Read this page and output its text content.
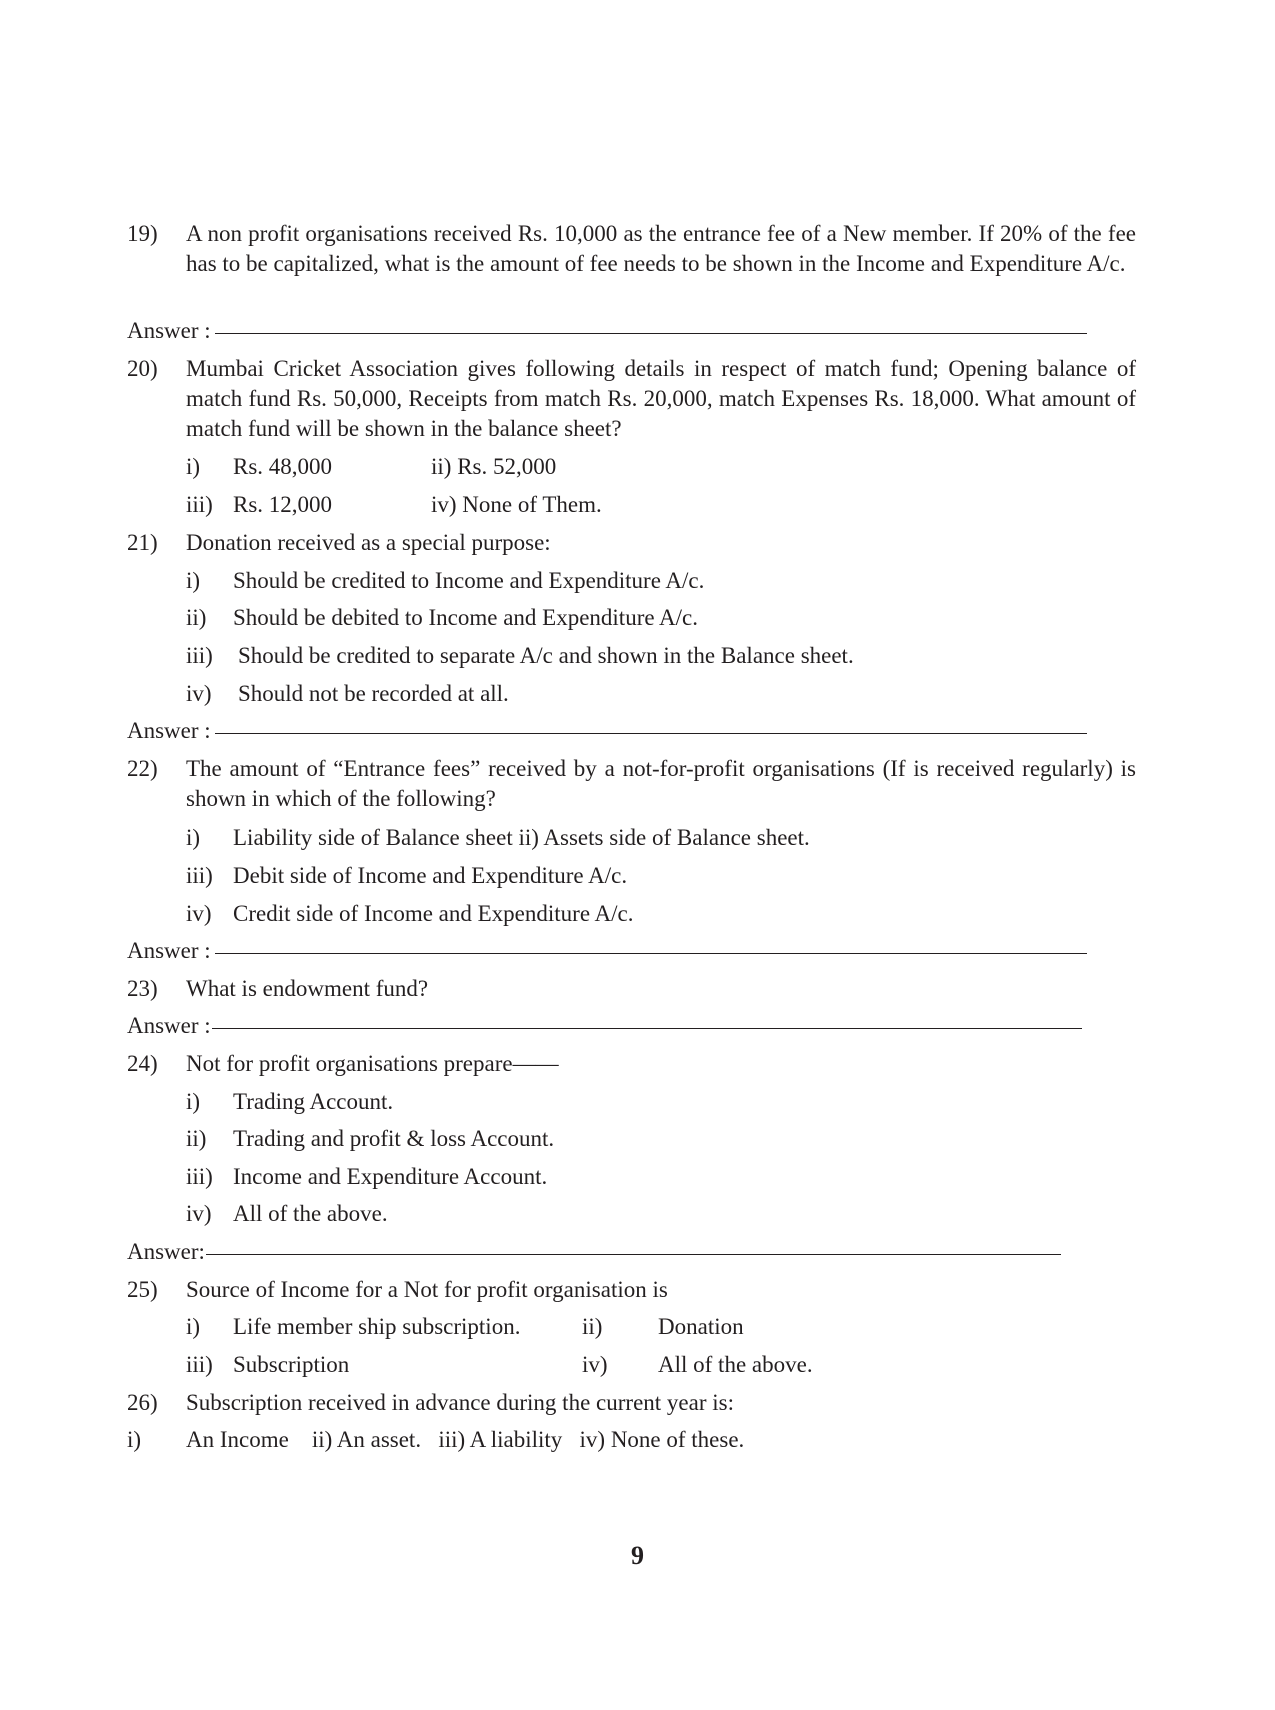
19) A non profit organisations received Rs. 10,000 as the entrance fee of a New member. If 20% of the fee has to be capitalized, what is the amount of fee needs to be shown in the Income and Expenditure A/c.
Answer :
20) Mumbai Cricket Association gives following details in respect of match fund; Opening balance of match fund Rs. 50,000, Receipts from match Rs. 20,000, match Expenses Rs. 18,000. What amount of match fund will be shown in the balance sheet?
i) Rs. 48,000	ii) Rs. 52,000
iii) Rs. 12,000	iv) None of Them.
21) Donation received as a special purpose:
i) Should be credited to Income and Expenditure A/c.
ii) Should be debited to Income and Expenditure A/c.
iii) Should be credited to separate A/c and shown in the Balance sheet.
iv) Should not be recorded at all.
Answer :
22) The amount of “Entrance fees” received by a not-for-profit organisations (If is received regularly) is shown in which of the following?
i) Liability side of Balance sheet ii) Assets side of Balance sheet.
iii) Debit side of Income and Expenditure A/c.
iv) Credit side of Income and Expenditure A/c.
Answer :
23) What is endowment fund?
Answer :
24) Not for profit organisations prepare——
i) Trading Account.
ii) Trading and profit & loss Account.
iii) Income and Expenditure Account.
iv) All of the above.
Answer:
25) Source of Income for a Not for profit organisation is
i) Life member ship subscription.	ii) Donation
iii) Subscription	iv) All of the above.
26) Subscription received in advance during the current year is:
i) An Income    ii) An asset.   iii) A liability   iv) None of these.
9
